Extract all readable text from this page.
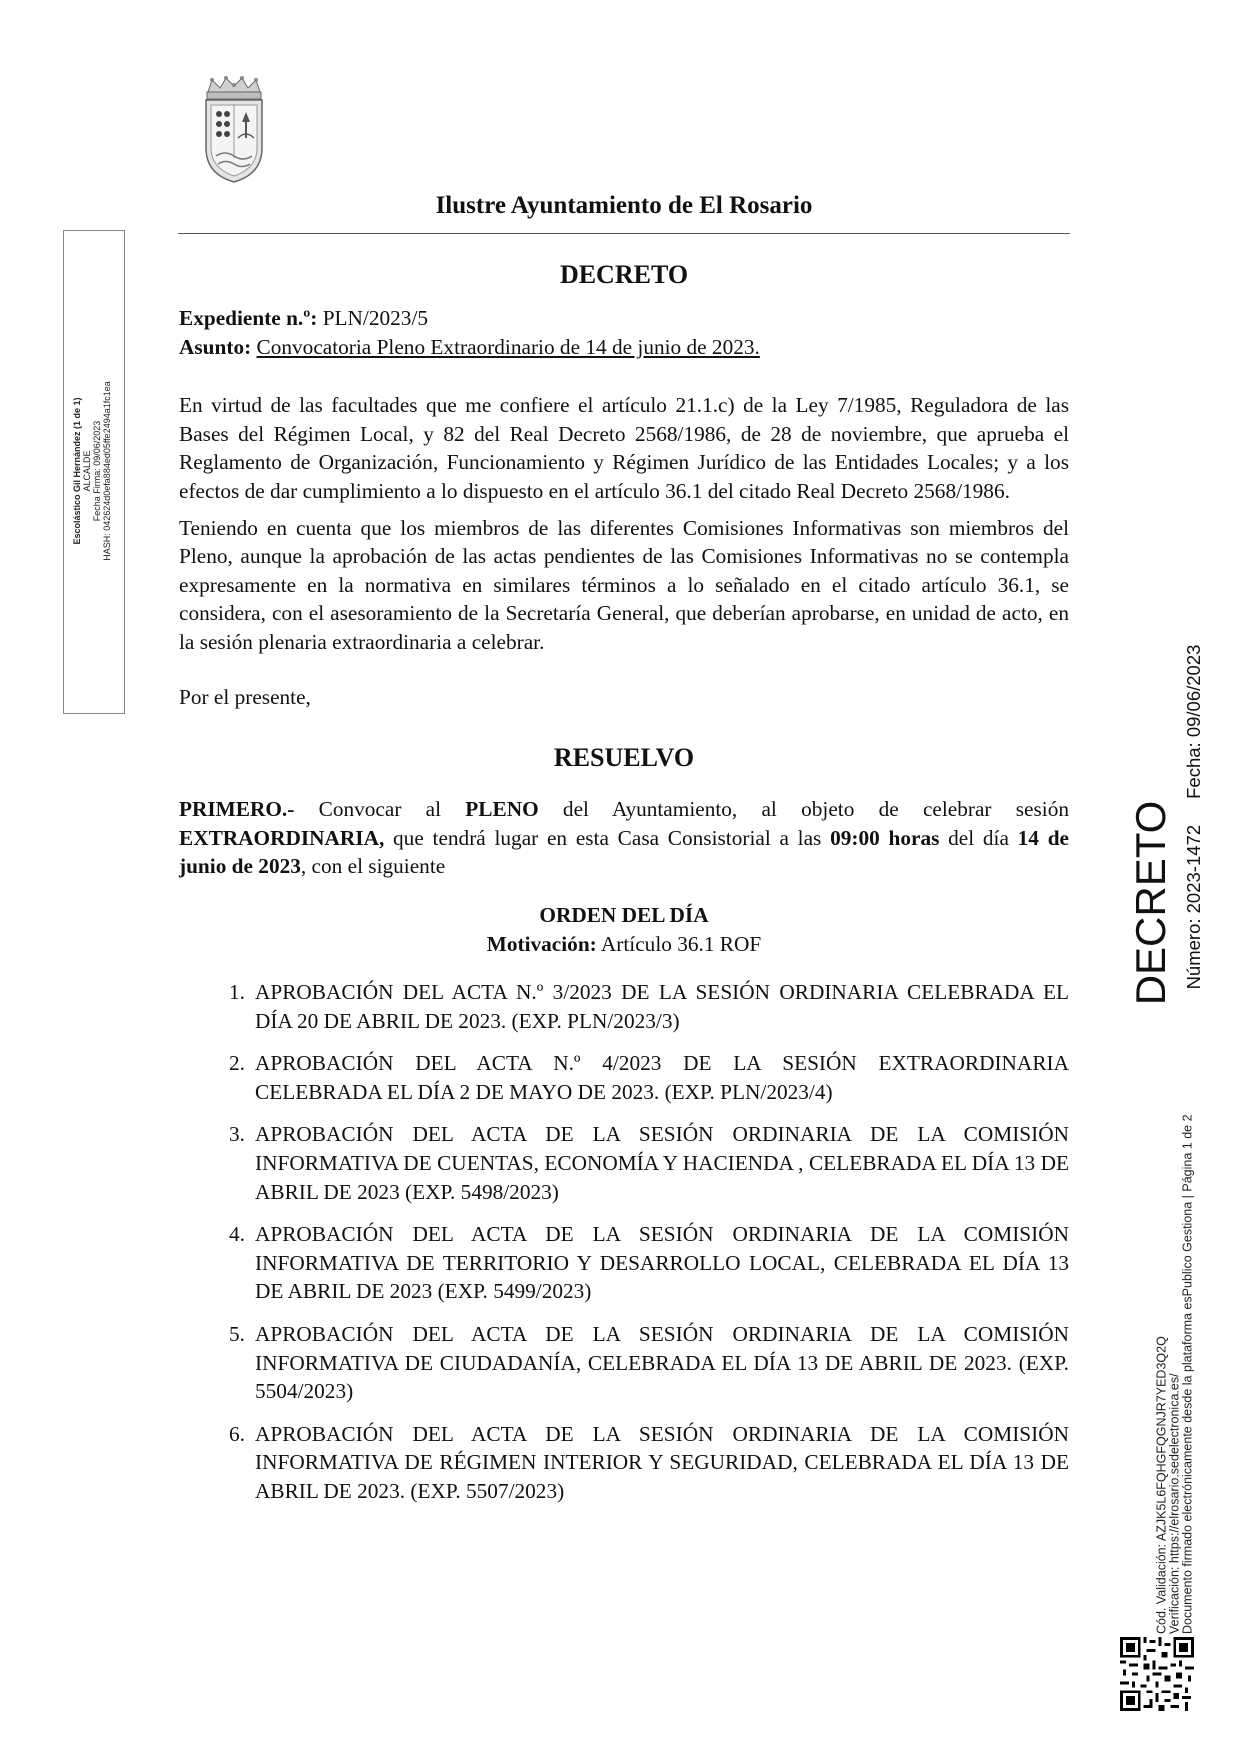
Ilustre Ayuntamiento de El Rosario
Escolástico Gil Hernández (1 de 1) ALCALDE Fecha Firma: 09/06/2023 HASH: 042624d0efa884ed05ffe2494a1fc1ea
DECRETO

Expediente n.º: PLN/2023/5

Asunto: Convocatoria Pleno Extraordinario de 14 de junio de 2023.

En virtud de las facultades que me confiere el artículo 21.1.c) de la Ley 7/1985, Reguladora de las Bases del Régimen Local, y 82 del Real Decreto 2568/1986, de 28 de noviembre, que aprueba el Reglamento de Organización, Funcionamiento y Régimen Jurídico de las Entidades Locales; y a los efectos de dar cumplimiento a lo dispuesto en el artículo 36.1 del citado Real Decreto 2568/1986.

Teniendo en cuenta que los miembros de las diferentes Comisiones Informativas son miembros del Pleno, aunque la aprobación de las actas pendientes de las Comisiones Informativas no se contempla expresamente en la normativa en similares términos a lo señalado en el citado artículo 36.1, se considera, con el asesoramiento de la Secretaría General, que deberían aprobarse, en unidad de acto, en la sesión plenaria extraordinaria a celebrar.

Por el presente,

RESUELVO

PRIMERO.- Convocar al PLENO del Ayuntamiento, al objeto de celebrar sesión EXTRAORDINARIA, que tendrá lugar en esta Casa Consistorial a las 09:00 horas del día 14 de junio de 2023, con el siguiente

ORDEN DEL DÍA

Motivación: Artículo 36.1 ROF

1. APROBACIÓN DEL ACTA N.º 3/2023 DE LA SESIÓN ORDINARIA CELEBRADA EL DÍA 20 DE ABRIL DE 2023. (EXP. PLN/2023/3)
2. APROBACIÓN DEL ACTA N.º 4/2023 DE LA SESIÓN EXTRAORDINARIA CELEBRADA EL DÍA 2 DE MAYO DE 2023. (EXP. PLN/2023/4)
3. APROBACIÓN DEL ACTA DE LA SESIÓN ORDINARIA DE LA COMISIÓN INFORMATIVA DE CUENTAS, ECONOMÍA Y HACIENDA , CELEBRADA EL DÍA 13 DE ABRIL DE 2023 (EXP. 5498/2023)
4. APROBACIÓN DEL ACTA DE LA SESIÓN ORDINARIA DE LA COMISIÓN INFORMATIVA DE TERRITORIO Y DESARROLLO LOCAL, CELEBRADA EL DÍA 13 DE ABRIL DE 2023 (EXP. 5499/2023)
5. APROBACIÓN DEL ACTA DE LA SESIÓN ORDINARIA DE LA COMISIÓN INFORMATIVA DE CIUDADANÍA, CELEBRADA EL DÍA 13 DE ABRIL DE 2023. (EXP. 5504/2023)
6. APROBACIÓN DEL ACTA DE LA SESIÓN ORDINARIA DE LA COMISIÓN INFORMATIVA DE RÉGIMEN INTERIOR Y SEGURIDAD, CELEBRADA EL DÍA 13 DE ABRIL DE 2023. (EXP. 5507/2023)
DECRETO Número: 2023-1472Fecha: 09/06/2023
Cód. Validación: AZJK5L6FQHGFQGNJR7YED3Q2Q Verificación: https://elrosario.sedelectronica.es/ Documento firmado electrónicamente desde la plataforma esPublico Gestiona | Página 1 de 2
